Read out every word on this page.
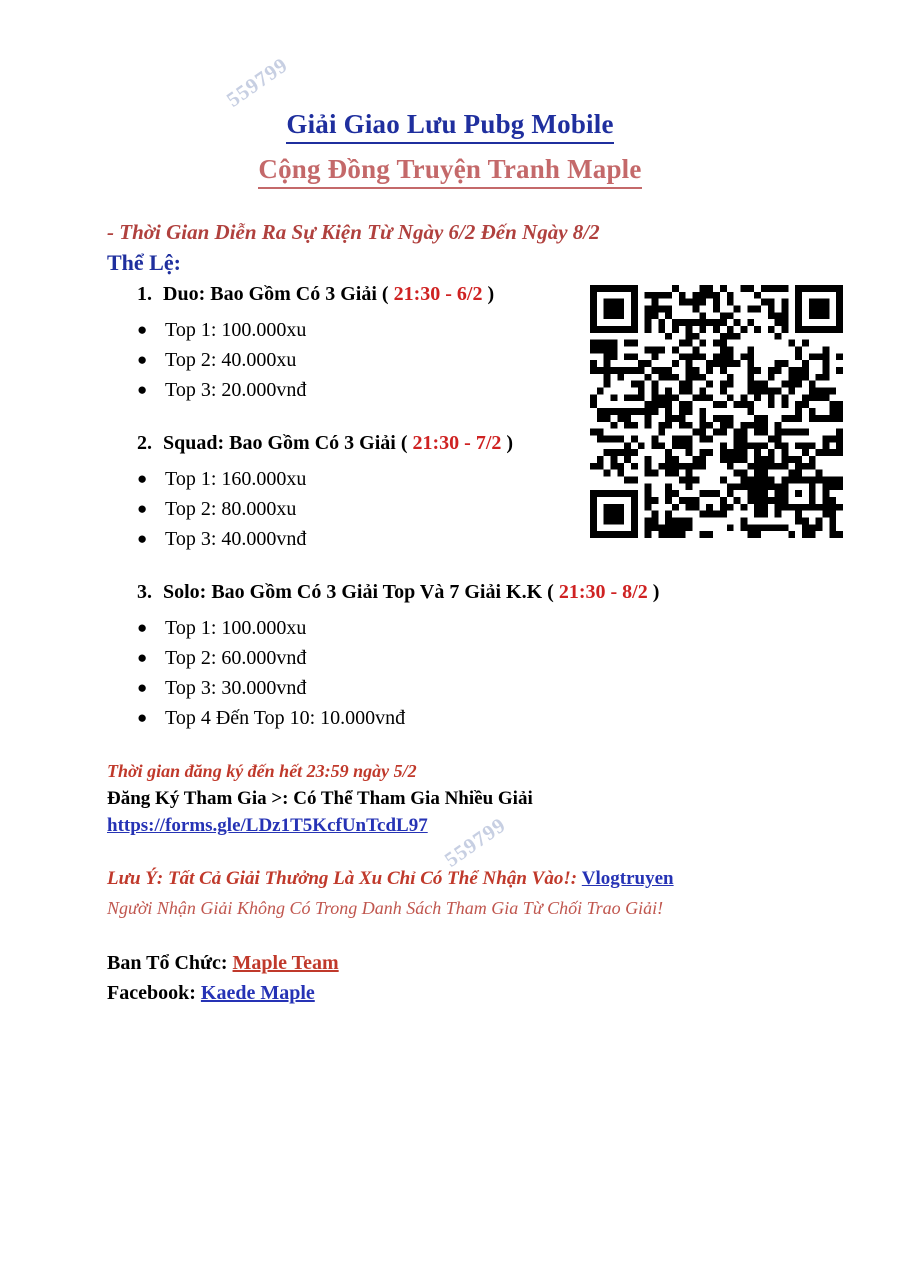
559799
559799
Giải Giao Lưu Pubg Mobile
Cộng Đồng Truyện Tranh Maple
- Thời Gian Diễn Ra Sự Kiện Từ Ngày 6/2 Đến Ngày 8/2
Thể Lệ:
1. Duo: Bao Gồm Có 3 Giải ( 21:30 - 6/2 )
● Top 1: 100.000xu
● Top 2: 40.000xu
● Top 3: 20.000vnđ
2. Squad: Bao Gồm Có 3 Giải ( 21:30 - 7/2 )
● Top 1: 160.000xu
● Top 2: 80.000xu
● Top 3: 40.000vnđ
3. Solo: Bao Gồm Có 3 Giải Top Và 7 Giải K.K ( 21:30 - 8/2 )
● Top 1: 100.000xu
● Top 2: 60.000vnđ
● Top 3: 30.000vnđ
● Top 4 Đến Top 10: 10.000vnđ
Thời gian đăng ký đến hết 23:59 ngày 5/2
Đăng Ký Tham Gia >: Có Thể Tham Gia Nhiều Giải
https://forms.gle/LDz1T5KcfUnTcdL97
Lưu Ý: Tất Cả Giải Thưởng Là Xu Chỉ Có Thể Nhận Vào!: Vlogtruyen
Người Nhận Giải Không Có Trong Danh Sách Tham Gia Từ Chối Trao Giải!
Ban Tổ Chức: Maple Team
Facebook: Kaede Maple
